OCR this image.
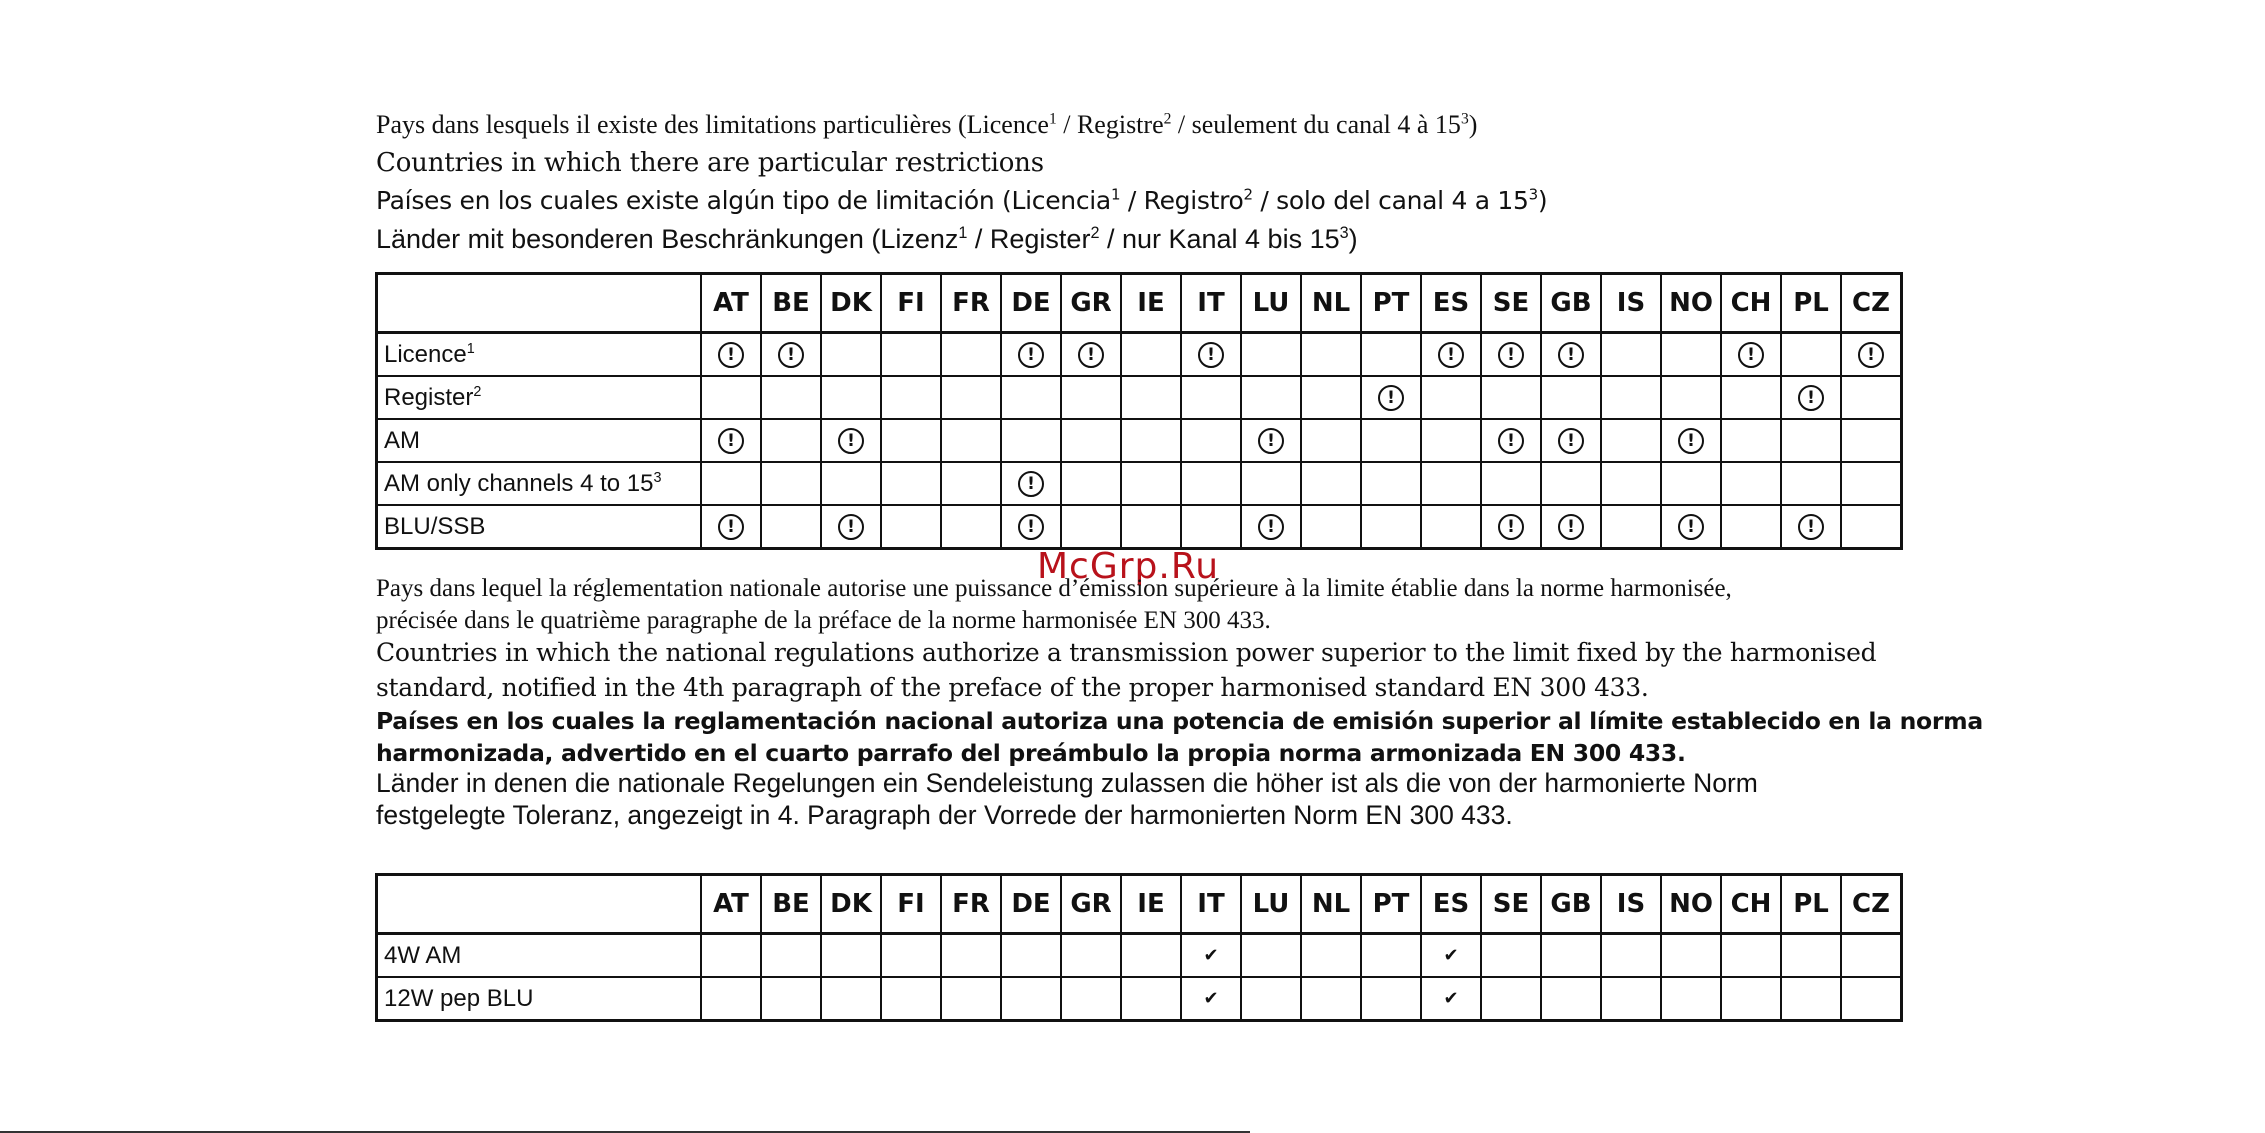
Pays dans lesquels il existe des limitations particulières (Licence$^1$ / Registre$^2$ / seulement du canal 4 à $15^3$)
Countries in which there are particular restrictions
Países en los cuales existe algún tipo de limitación (Licencia$^1$ / Registro$^2$ / solo del canal 4 a $15^3$)
Länder mit besonderen Beschränkungen (Lizenz$^1$ / Register$^2$ / nur Kanal 4 bis $15^3$)
	AT	BE	DK	FI	FR	DE	GR	IE	IT	LU	NL	PT	ES	SE	GB	IS	NO	CH	PL	CZ
Licence$^1$	!	!				!	!		!				!	!	!			!		!
Register$^2$												!							!	
AM	!		!							!				!	!		!			
AM only channels 4 to $15^3$						!														
BLU/SSB	!		!			!				!				!	!		!		!	
McGrp.Ru
Pays dans lequel la réglementation nationale autorise une puissance d’émission supérieure à la limite établie dans la norme harmonisée,
précisée dans le quatrième paragraphe de la préface de la norme harmonisée EN 300 433.
Countries in which the national regulations authorize a transmission power superior to the limit fixed by the harmonised
standard, notified in the 4th paragraph of the preface of the proper harmonised standard EN 300 433.
Países en los cuales la reglamentación nacional autoriza una potencia de emisión superior al límite establecido en la norma
harmonizada, advertido en el cuarto parrafo del preámbulo la propia norma armonizada EN 300 433.
Länder in denen die nationale Regelungen ein Sendeleistung zulassen die höher ist als die von der harmonierte Norm
festgelegte Toleranz, angezeigt in 4. Paragraph der Vorrede der harmonierten Norm EN 300 433.
	AT	BE	DK	FI	FR	DE	GR	IE	IT	LU	NL	PT	ES	SE	GB	IS	NO	CH	PL	CZ
4W AM									✔				✔							
12W pep BLU									✔				✔							
